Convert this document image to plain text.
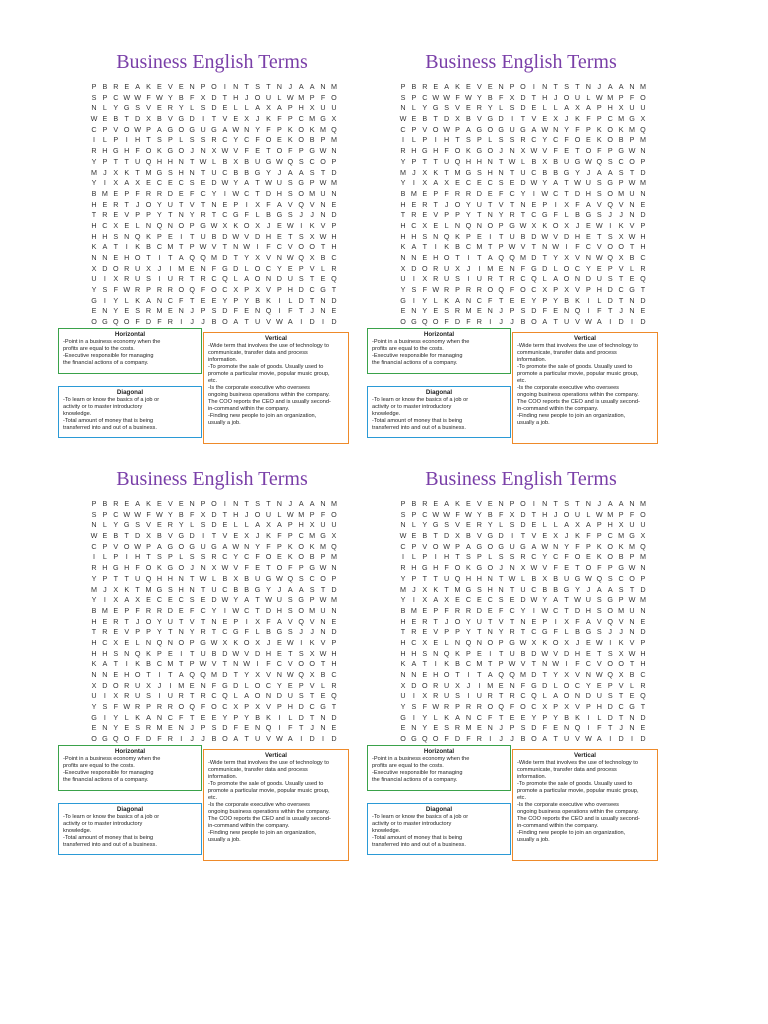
Business English Terms
P B R E A K E V E N P O I	N T S T N J A A N M
S P C W W F W Y B F X D T H J O U L W M P F O
N L Y G S V E R Y L S D E L L A X A P H X U U
W E B T D X B V G D	I	T V E X J K F P C M G X
C P V O W P A G O G U G A W N Y F P K O K M Q
I	L P	I	H T S P L S S R C Y C F O E K O B P M
R H G H F O K G O J N X W V F E T O F P G W N
Y P T T U Q H H N T W L B X B U G W Q S C O P
M J X K T M G S H N T U C B B G Y J A A S T D
Y	I	X A X E C E C S E D W Y A T W U S G P W M
B M E P F R R D E F C Y	I W C T D H S O M U N
H E R T J O Y U T V T N E P	I	X F A V Q V N E
T R E V P P Y T N Y R T C G F L B G S J	J N D
H C X E L N Q N O P G W X K O X J E W I	K V P
H H S N Q K P E	I	T U B D W V D H E T S X W H
K A T	I	K B C M T P W V T N W I	F C V O O T H
N N E H O T	I	T A Q Q M D T Y X V N W Q X B C
X D O R U X J	I M E N F G D L O C Y E P V L R
U	I	X R U S	I	U R T R C Q L A O N D U S T E Q
Y S F W R P R R O Q F O C X P X V P H D C G T
G I	Y L K A N C F T E E Y P Y B K	I	L D T N D
E N Y E S R M E N J P S D F E N Q I	F T J N E
O G Q O F D F R	I	J	J B O A T U V W A	I	D	I	D
Horizontal
-Point in a business economy when the
profits are equal to the costs.
-Executive responsible for managing
the financial actions of a company.
Diagonal
-To learn or know the basics of a job or
activity or to master introductory
knowledge.
-Total amount of money that is being
transferred into and out of a business.
Vertical
-Wide term that involves the use of technology to
communicate, transfer data and process
information.
-To promote the sale of goods. Usually used to
promote a particular movie, popular music group,
etc.
-Is the corporate executive who oversees
ongoing business operations within the company.
The COO reports the CEO and is usually second-
in-command within the company.
-Finding new people to join an organization,
usually a job.
Business English Terms
P B R E A K E V E N P O I	N T S T N J A A N M
S P C W W F W Y B F X D T H J O U L W M P F O
N L Y G S V E R Y L S D E L L A X A P H X U U
W E B T D X B V G D	I	T V E X J K F P C M G X
C P V O W P A G O G U G A W N Y F P K O K M Q
I	L P	I	H T S P L S S R C Y C F O E K O B P M
R H G H F O K G O J N X W V F E T O F P G W N
Y P T T U Q H H N T W L B X B U G W Q S C O P
M J X K T M G S H N T U C B B G Y J A A S T D
Y	I	X A X E C E C S E D W Y A T W U S G P W M
B M E P F R R D E F C Y	I W C T D H S O M U N
H E R T J O Y U T V T N E P	I	X F A V Q V N E
T R E V P P Y T N Y R T C G F L B G S J	J N D
H C X E L N Q N O P G W X K O X J E W I	K V P
H H S N Q K P E	I	T U B D W V D H E T S X W H
K A T	I	K B C M T P W V T N W I	F C V O O T H
N N E H O T	I	T A Q Q M D T Y X V N W Q X B C
X D O R U X J	I M E N F G D L O C Y E P V L R
U	I	X R U S	I	U R T R C Q L A O N D U S T E Q
Y S F W R P R R O Q F O C X P X V P H D C G T
G I	Y L K A N C F T E E Y P Y B K	I	L D T N D
E N Y E S R M E N J P S D F E N Q I	F T J N E
O G Q O F D F R	I	J	J B O A T U V W A	I	D	I	D
Horizontal
-Point in a business economy when the
profits are equal to the costs.
-Executive responsible for managing
the financial actions of a company.
Diagonal
-To learn or know the basics of a job or
activity or to master introductory
knowledge.
-Total amount of money that is being
transferred into and out of a business.
Vertical
-Wide term that involves the use of technology to
communicate, transfer data and process
information.
-To promote the sale of goods. Usually used to
promote a particular movie, popular music group,
etc.
-Is the corporate executive who oversees
ongoing business operations within the company.
The COO reports the CEO and is usually second-
in-command within the company.
-Finding new people to join an organization,
usually a job.
Business English Terms
P B R E A K E V E N P O I	N T S T N J A A N M
S P C W W F W Y B F X D T H J O U L W M P F O
N L Y G S V E R Y L S D E L L A X A P H X U U
W E B T D X B V G D	I	T V E X J K F P C M G X
C P V O W P A G O G U G A W N Y F P K O K M Q
I	L P	I	H T S P L S S R C Y C F O E K O B P M
R H G H F O K G O J N X W V F E T O F P G W N
Y P T T U Q H H N T W L B X B U G W Q S C O P
M J X K T M G S H N T U C B B G Y J A A S T D
Y	I	X A X E C E C S E D W Y A T W U S G P W M
B M E P F R R D E F C Y	I W C T D H S O M U N
H E R T J O Y U T V T N E P	I	X F A V Q V N E
T R E V P P Y T N Y R T C G F L B G S J	J N D
H C X E L N Q N O P G W X K O X J E W I	K V P
H H S N Q K P E	I	T U B D W V D H E T S X W H
K A T	I	K B C M T P W V T N W I	F C V O O T H
N N E H O T	I	T A Q Q M D T Y X V N W Q X B C
X D O R U X J	I M E N F G D L O C Y E P V L R
U	I	X R U S	I	U R T R C Q L A O N D U S T E Q
Y S F W R P R R O Q F O C X P X V P H D C G T
G I	Y L K A N C F T E E Y P Y B K	I	L D T N D
E N Y E S R M E N J P S D F E N Q I	F T J N E
O G Q O F D F R	I	J	J B O A T U V W A	I	D	I	D
Horizontal
-Point in a business economy when the
profits are equal to the costs.
-Executive responsible for managing
the financial actions of a company.
Diagonal
-To learn or know the basics of a job or
activity or to master introductory
knowledge.
-Total amount of money that is being
transferred into and out of a business.
Vertical
-Wide term that involves the use of technology to
communicate, transfer data and process
information.
-To promote the sale of goods. Usually used to
promote a particular movie, popular music group,
etc.
-Is the corporate executive who oversees
ongoing business operations within the company.
The COO reports the CEO and is usually second-
in-command within the company.
-Finding new people to join an organization,
usually a job.
Business English Terms
P B R E A K E V E N P O I	N T S T N J A A N M
S P C W W F W Y B F X D T H J O U L W M P F O
N L Y G S V E R Y L S D E L L A X A P H X U U
W E B T D X B V G D	I	T V E X J K F P C M G X
C P V O W P A G O G U G A W N Y F P K O K M Q
I	L P	I	H T S P L S S R C Y C F O E K O B P M
R H G H F O K G O J N X W V F E T O F P G W N
Y P T T U Q H H N T W L B X B U G W Q S C O P
M J X K T M G S H N T U C B B G Y J A A S T D
Y	I	X A X E C E C S E D W Y A T W U S G P W M
B M E P F R R D E F C Y	I W C T D H S O M U N
H E R T J O Y U T V T N E P	I	X F A V Q V N E
T R E V P P Y T N Y R T C G F L B G S J	J N D
H C X E L N Q N O P G W X K O X J E W I	K V P
H H S N Q K P E	I	T U B D W V D H E T S X W H
K A T	I	K B C M T P W V T N W I	F C V O O T H
N N E H O T	I	T A Q Q M D T Y X V N W Q X B C
X D O R U X J	I M E N F G D L O C Y E P V L R
U	I	X R U S	I	U R T R C Q L A O N D U S T E Q
Y S F W R P R R O Q F O C X P X V P H D C G T
G I	Y L K A N C F T E E Y P Y B K	I	L D T N D
E N Y E S R M E N J P S D F E N Q I	F T J N E
O G Q O F D F R	I	J	J B O A T U V W A	I	D	I	D
Horizontal
-Point in a business economy when the
profits are equal to the costs.
-Executive responsible for managing
the financial actions of a company.
Diagonal
-To learn or know the basics of a job or
activity or to master introductory
knowledge.
-Total amount of money that is being
transferred into and out of a business.
Vertical
-Wide term that involves the use of technology to
communicate, transfer data and process
information.
-To promote the sale of goods. Usually used to
promote a particular movie, popular music group,
etc.
-Is the corporate executive who oversees
ongoing business operations within the company.
The COO reports the CEO and is usually second-
in-command within the company.
-Finding new people to join an organization,
usually a job.
